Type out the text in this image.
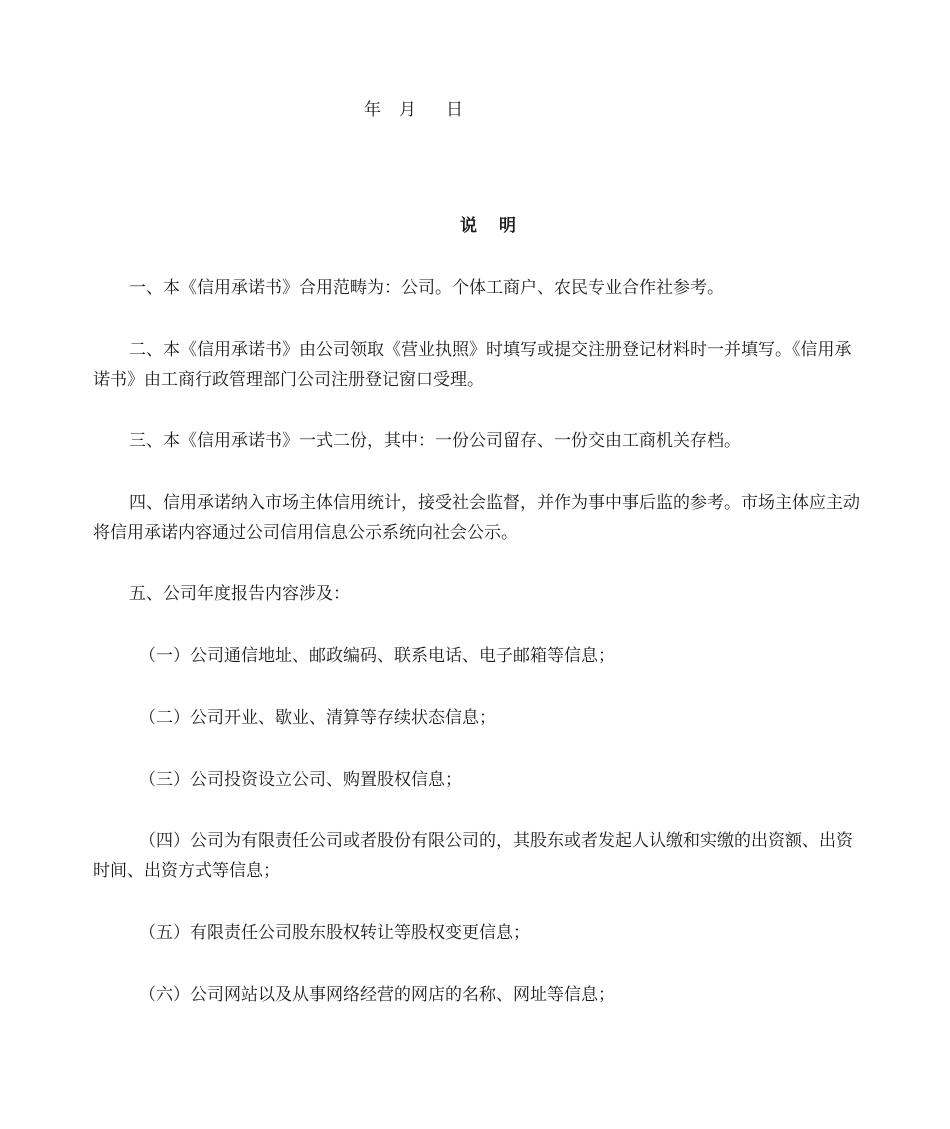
年 月 日
说 明

一、本《信用承诺书》合用范畴为：公司。个体工商户、农民专业合作社参考。

二、本《信用承诺书》由公司领取《营业执照》时填写或提交注册登记材料时一并填写。《信用承诺书》由工商行政管理部门公司注册登记窗口受理。

三、本《信用承诺书》一式二份，其中：一份公司留存、一份交由工商机关存档。

四、信用承诺纳入市场主体信用统计，接受社会监督，并作为事中事后监的参考。市场主体应主动将信用承诺内容通过公司信用信息公示系统向社会公示。

五、公司年度报告内容涉及：

（一）公司通信地址、邮政编码、联系电话、电子邮箱等信息；

（二）公司开业、歇业、清算等存续状态信息；

（三）公司投资设立公司、购置股权信息；

（四）公司为有限责任公司或者股份有限公司的，其股东或者发起人认缴和实缴的出资额、出资时间、出资方式等信息；

（五）有限责任公司股东股权转让等股权变更信息；

（六）公司网站以及从事网络经营的网店的名称、网址等信息；
